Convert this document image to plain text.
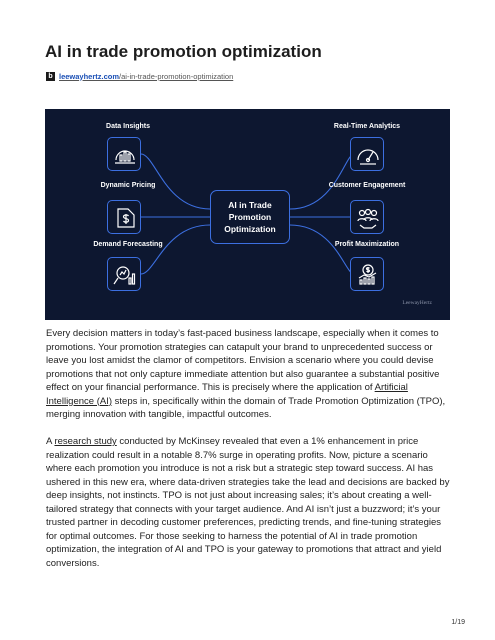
AI in trade promotion optimization
b leewayhertz.com/ai-in-trade-promotion-optimization
Data Insights
Dynamic Pricing
Demand Forecasting
Real-Time Analytics
Customer Engagement
Profit Maximization
AI in Trade
Promotion
Optimization
LeewayHertz

Every decision matters in today’s fast-paced business landscape, especially when it comes to promotions. Your promotion strategies can catapult your brand to unprecedented success or leave you lost amidst the clamor of competitors. Envision a scenario where you could devise promotions that not only capture immediate attention but also guarantee a substantial positive effect on your financial performance. This is precisely where the application of Artificial Intelligence (AI) steps in, specifically within the domain of Trade Promotion Optimization (TPO), merging innovation with tangible, impactful outcomes.

A research study conducted by McKinsey revealed that even a 1% enhancement in price realization could result in a notable 8.7% surge in operating profits. Now, picture a scenario where each promotion you introduce is not a risk but a strategic step toward success. AI has ushered in this new era, where data-driven strategies take the lead and decisions are backed by deep insights, not instincts. TPO is not just about increasing sales; it’s about creating a well-tailored strategy that connects with your target audience. And AI isn’t just a buzzword; it’s your trusted partner in decoding customer preferences, predicting trends, and fine-tuning strategies for optimal outcomes. For those seeking to harness the potential of AI in trade promotion optimization, the integration of AI and TPO is your gateway to promotions that attract and yield conversions.

1/19
